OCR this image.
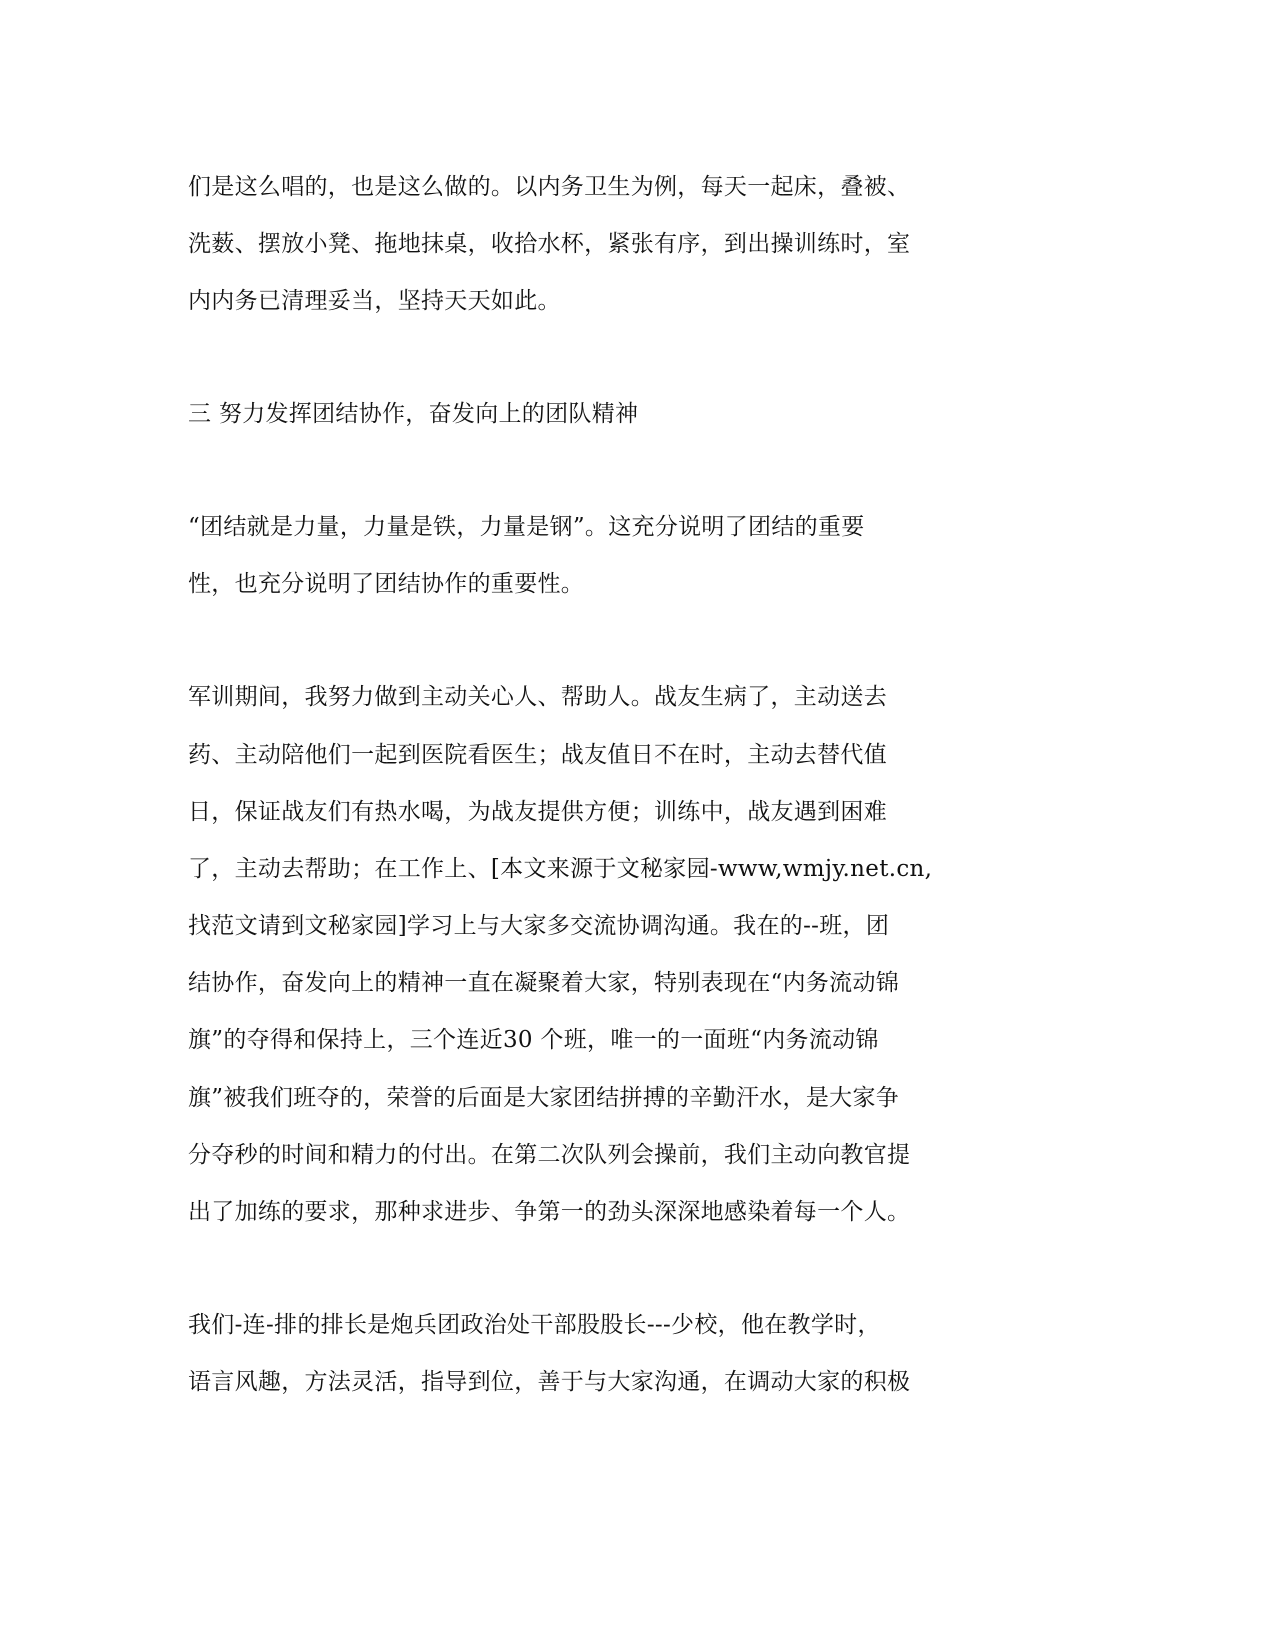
们是这么唱的，也是这么做的。以内务卫生为例，每天一起床，叠被、
洗薮、摆放小凳、拖地抹桌，收拾水杯，紧张有序，到出操训练时，室
内内务已清理妥当，坚持天天如此。
三 努力发挥团结协作，奋发向上的团队精神
“团结就是力量，力量是铁，力量是钢”。这充分说明了团结的重要
性，也充分说明了团结协作的重要性。
军训期间，我努力做到主动关心人、帮助人。战友生病了，主动送去
药、主动陪他们一起到医院看医生；战友值日不在时，主动去替代值
日，保证战友们有热水喝，为战友提供方便；训练中，战友遇到困难
了，主动去帮助；在工作上、[本文来源于文秘家园-www,wmjy.net.cn,
找范文请到文秘家园]学习上与大家多交流协调沟通。我在的--班，团
结协作，奋发向上的精神一直在凝聚着大家，特别表现在“内务流动锦
旗”的夺得和保持上，三个连近30 个班，唯一的一面班“内务流动锦
旗”被我们班夺的，荣誉的后面是大家团结拼搏的辛勤汗水，是大家争
分夺秒的时间和精力的付出。在第二次队列会操前，我们主动向教官提
出了加练的要求，那种求进步、争第一的劲头深深地感染着每一个人。
我们-连-排的排长是炮兵团政治处干部股股长---少校，他在教学时，
语言风趣，方法灵活，指导到位，善于与大家沟通，在调动大家的积极
